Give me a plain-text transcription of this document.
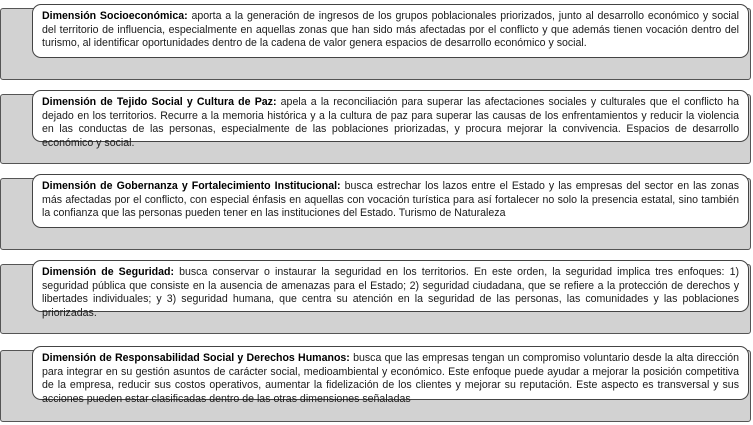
Dimensión Socioeconómica: aporta a la generación de ingresos de los grupos poblacionales priorizados, junto al desarrollo económico y social del territorio de influencia, especialmente en aquellas zonas que han sido más afectadas por el conflicto y que además tienen vocación dentro del turismo, al identificar oportunidades dentro de la cadena de valor genera espacios de desarrollo económico y social.
Dimensión de Tejido Social y Cultura de Paz: apela a la reconciliación para superar las afectaciones sociales y culturales que el conflicto ha dejado en los territorios. Recurre a la memoria histórica y a la cultura de paz para superar las causas de los enfrentamientos y reducir la violencia en las conductas de las personas, especialmente de las poblaciones priorizadas, y procura mejorar la convivencia. Espacios de desarrollo económico y social.
Dimensión de Gobernanza y Fortalecimiento Institucional: busca estrechar los lazos entre el Estado y las empresas del sector en las zonas más afectadas por el conflicto, con especial énfasis en aquellas con vocación turística para así fortalecer no solo la presencia estatal, sino también la confianza que las personas pueden tener en las instituciones del Estado. Turismo de Naturaleza
Dimensión de Seguridad: busca conservar o instaurar la seguridad en los territorios. En este orden, la seguridad implica tres enfoques: 1) seguridad pública que consiste en la ausencia de amenazas para el Estado; 2) seguridad ciudadana, que se refiere a la protección de derechos y libertades individuales; y 3) seguridad humana, que centra su atención en la seguridad de las personas, las comunidades y las poblaciones priorizadas.
Dimensión de Responsabilidad Social y Derechos Humanos: busca que las empresas tengan un compromiso voluntario desde la alta dirección para integrar en su gestión asuntos de carácter social, medioambiental y económico. Este enfoque puede ayudar a mejorar la posición competitiva de la empresa, reducir sus costos operativos, aumentar la fidelización de los clientes y mejorar su reputación. Este aspecto es transversal y sus acciones pueden estar clasificadas dentro de las otras dimensiones señaladas
